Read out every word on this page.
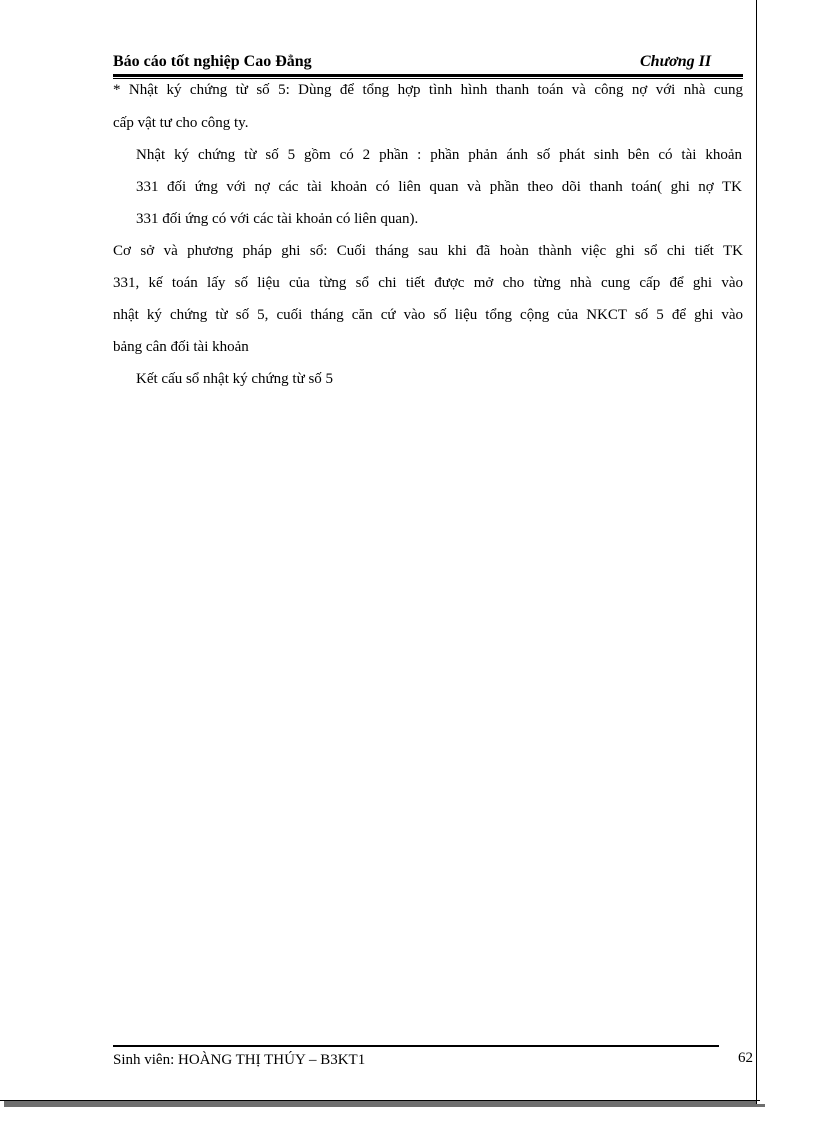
Báo cáo tốt nghiệp Cao Đẳng	Chương II
* Nhật ký chứng từ số 5: Dùng để tổng hợp tình hình thanh toán và công nợ với nhà cung
cấp vật tư cho công ty.
Nhật ký chứng từ số 5 gồm có 2 phần : phần phản ánh số phát sinh bên có tài khoản
331 đối ứng với nợ các tài khoản có liên quan và phần theo dõi thanh toán( ghi nợ TK
331 đối ứng có với các tài khoản có liên quan).
Cơ sở và phương pháp ghi sổ: Cuối tháng sau khi đã hoàn thành việc ghi sổ chi tiết TK
331, kế toán lấy số liệu của từng sổ chi tiết được mở cho từng nhà cung cấp để ghi vào
nhật ký chứng từ số 5, cuối tháng căn cứ vào số liệu tổng cộng của NKCT số 5 để ghi vào
bảng cân đối tài khoản
Kết cấu sổ nhật ký chứng từ số 5
Sinh viên: HOÀNG THỊ THÚY – B3KT1	62
